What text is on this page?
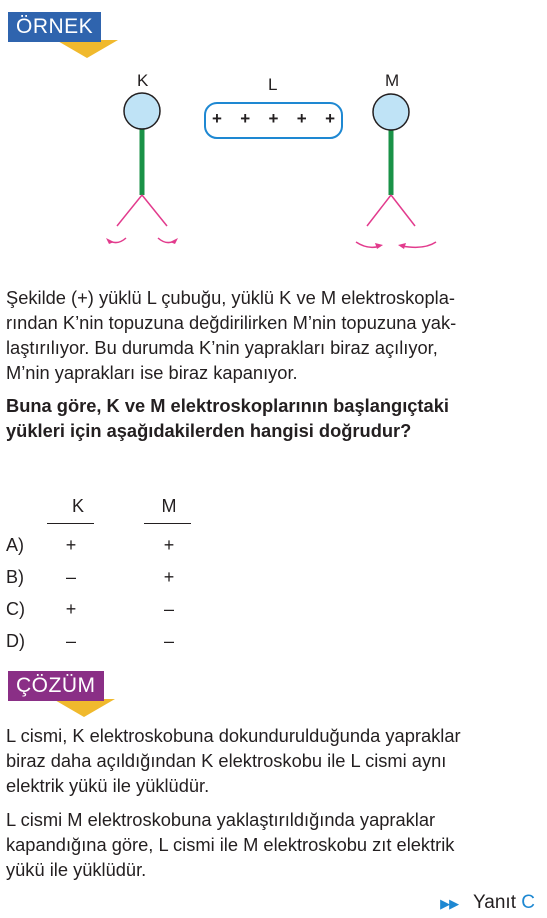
ÖRNEK
K	L	M
+ + + + +
Şekilde (+) yüklü L çubuğu, yüklü K ve M elektroskopla-
rından K’nin topuzuna değdirilirken M’nin topuzuna yak-
laştırılıyor. Bu durumda K’nin yaprakları biraz açılıyor,
M’nin yaprakları ise biraz kapanıyor.
Buna göre, K ve M elektroskoplarının başlangıçtaki
yükleri için aşağıdakilerden hangisi doğrudur?
K	M
A)	+	+
B)	–	+
C)	+	–
D)	–	–
ÇÖZÜM
L cismi, K elektroskobuna dokundurulduğunda yapraklar
biraz daha açıldığından K elektroskobu ile L cismi aynı
elektrik yükü ile yüklüdür.
L cismi M elektroskobuna yaklaştırıldığında yapraklar
kapandığına göre, L cismi ile M elektroskobu zıt elektrik
yükü ile yüklüdür.
▶▶ Yanıt C
